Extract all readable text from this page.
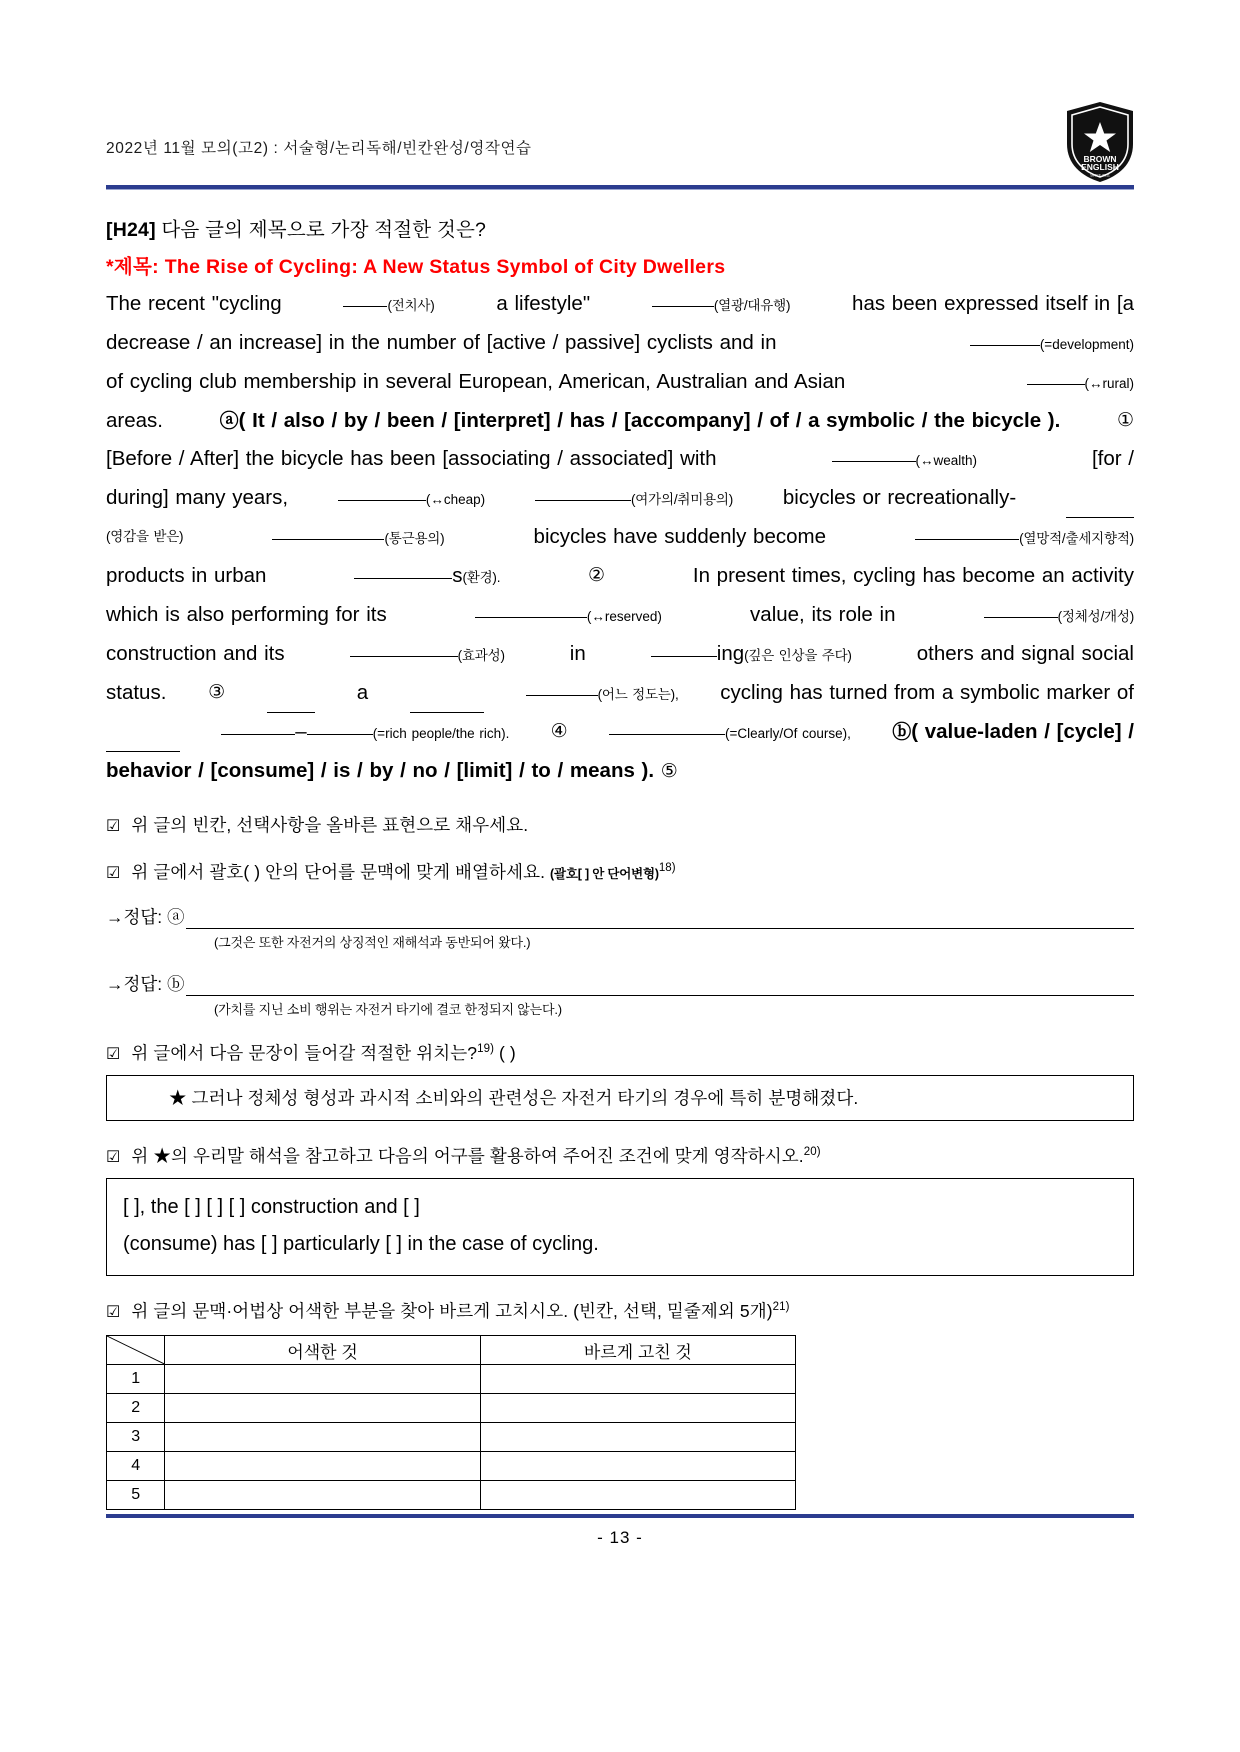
2022년 11월 모의(고2) : 서술형/논리독해/빈칸완성/영작연습
BROWN
ENGLISH
SINCE 2011
[H24] 다음 글의 제목으로 가장 적절한 것은?
*제목: The Rise of Cycling: A New Status Symbol of City Dwellers
The recent "cycling	(전치사)	a lifestyle"	(열광/대유행)	has been expressed itself in [a
decrease / an increase] in the number of [active / passive] cyclists and in	(=development)
of cycling club membership in several European, American, Australian and Asian	(↔rural)
areas.	ⓐ( It / also / by / been / [interpret] / has / [accompany] / of / a symbolic / the bicycle ).	①
[Before / After] the bicycle has been [associating / associated] with	(↔wealth)	[for /
during] many years,	(↔cheap)	(여가의/취미용의) bicycles or recreationally-
(영감을 받은)	(통근용의)	bicycles have suddenly become	(열망적/출세지향적)
products in urban	s(환경).	②	In present times, cycling has become an activity
which is also performing for its	(↔reserved)	value, its role in	(정체성/개성)
construction and its	(효과성)	in	ing(깊은 인상을 주다)	others and signal social
status. ③	a	(어느 정도는), cycling has turned from a symbolic marker of
–	(=rich people/the rich). ④	(=Clearly/Of course), ⓑ( value-laden / [cycle] /
behavior / [consume] / is / by / no / [limit] / to / means ). ⑤
☑ 위 글의 빈칸, 선택사항을 올바른 표현으로 채우세요.
☑ 위 글에서 괄호( ) 안의 단어를 문맥에 맞게 배열하세요. (괄호[ ] 안 단어변형)$^{18)}$
→정답: ⓐ
(그것은 또한 자전거의 상징적인 재해석과 동반되어 왔다.)
→정답: ⓑ
(가치를 지닌 소비 행위는 자전거 타기에 결코 한정되지 않는다.)
☑ 위 글에서 다음 문장이 들어갈 적절한 위치는?$^{19)}$ ( )
★ 그러나 정체성 형성과 과시적 소비와의 관련성은 자전거 타기의 경우에 특히 분명해졌다.
☑ 위 ★의 우리말 해석을 참고하고 다음의 어구를 활용하여 주어진 조건에 맞게 영작하시오.$^{20)}$
[ ], the [ ] [ ] [ ] construction and [ ]
(consume) has [ ] particularly [ ] in the case of cycling.
☑ 위 글의 문맥·어법상 어색한 부분을 찾아 바르게 고치시오. (빈칸, 선택, 밑줄제외 5개)$^{21)}$
	어색한 것	바르게 고친 것
1		
2		
3		
4		
5		
- 13 -
